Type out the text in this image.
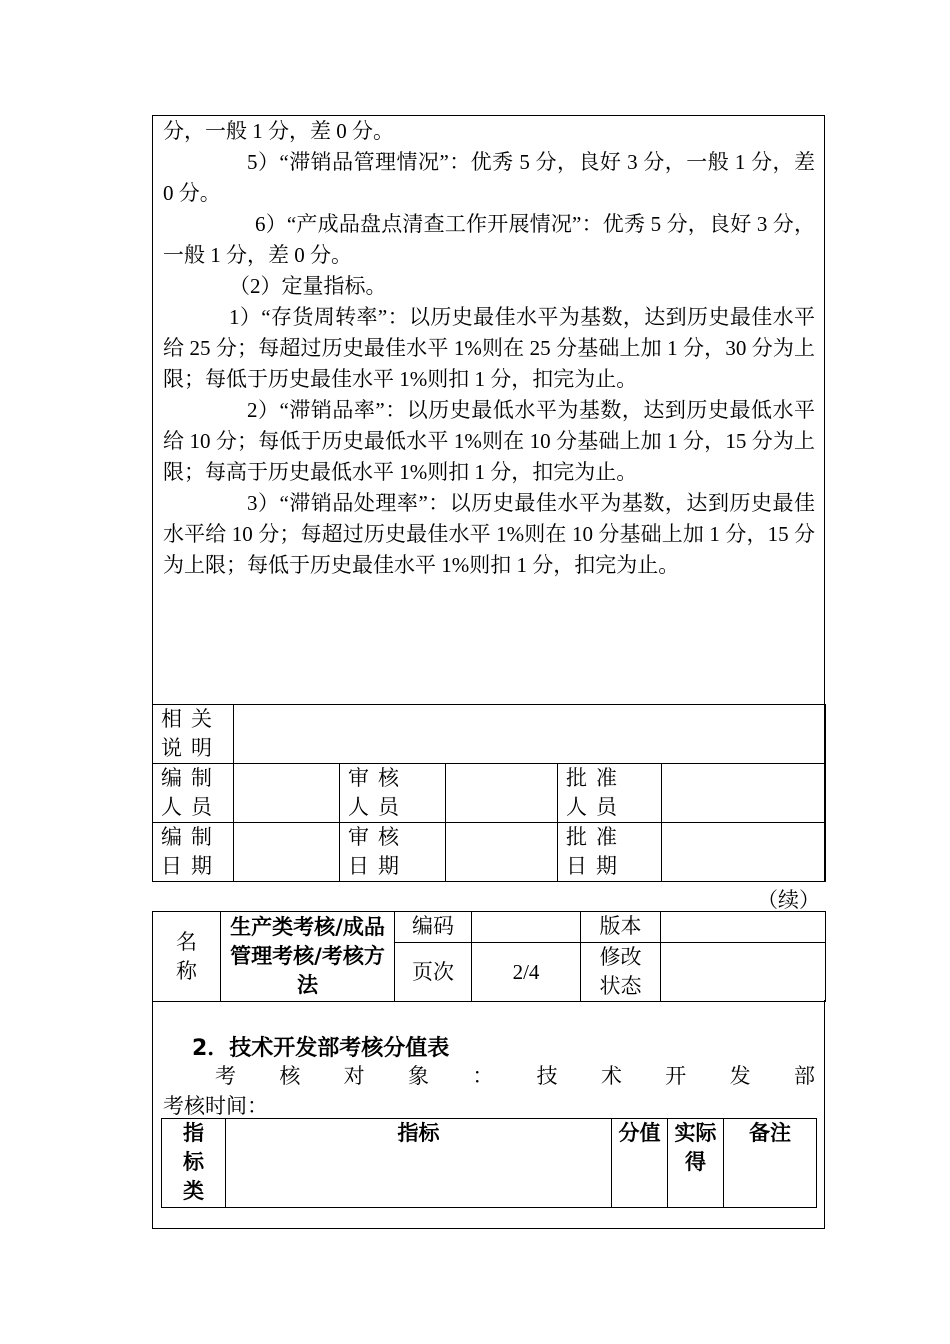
分，一般 1 分，差 0 分。

5）“滞销品管理情况”：优秀 5 分，良好 3 分，一般 1 分，差 0 分。

6）“产成品盘点清查工作开展情况”：优秀 5 分，良好 3 分，一般 1 分，差 0 分。

（2）定量指标。

1）“存货周转率”：以历史最佳水平为基数，达到历史最佳水平给 25 分；每超过历史最佳水平 1%则在 25 分基础上加 1 分，30 分为上限；每低于历史最佳水平 1%则扣 1 分，扣完为止。

2）“滞销品率”：以历史最低水平为基数，达到历史最低水平给 10 分；每低于历史最低水平 1%则在 10 分基础上加 1 分，15 分为上限；每高于历史最低水平 1%则扣 1 分，扣完为止。

3）“滞销品处理率”：以历史最佳水平为基数，达到历史最佳水平给 10 分；每超过历史最佳水平 1%则在 10 分基础上加 1 分，15 分为上限；每低于历史最佳水平 1%则扣 1 分，扣完为止。

相关说明					
编制人员		审核人员		批准人员	
编制日期		审核日期		批准日期	
（续）
名称	生产类考核/成品管理考核/考核方法	编码		版本	
		页次	2/4	修改状态	
2．技术开发部考核分值表
考 核 对 象 ： 技 术 开 发 部
考核时间：
指标类	指标	分值	实际得	备注
